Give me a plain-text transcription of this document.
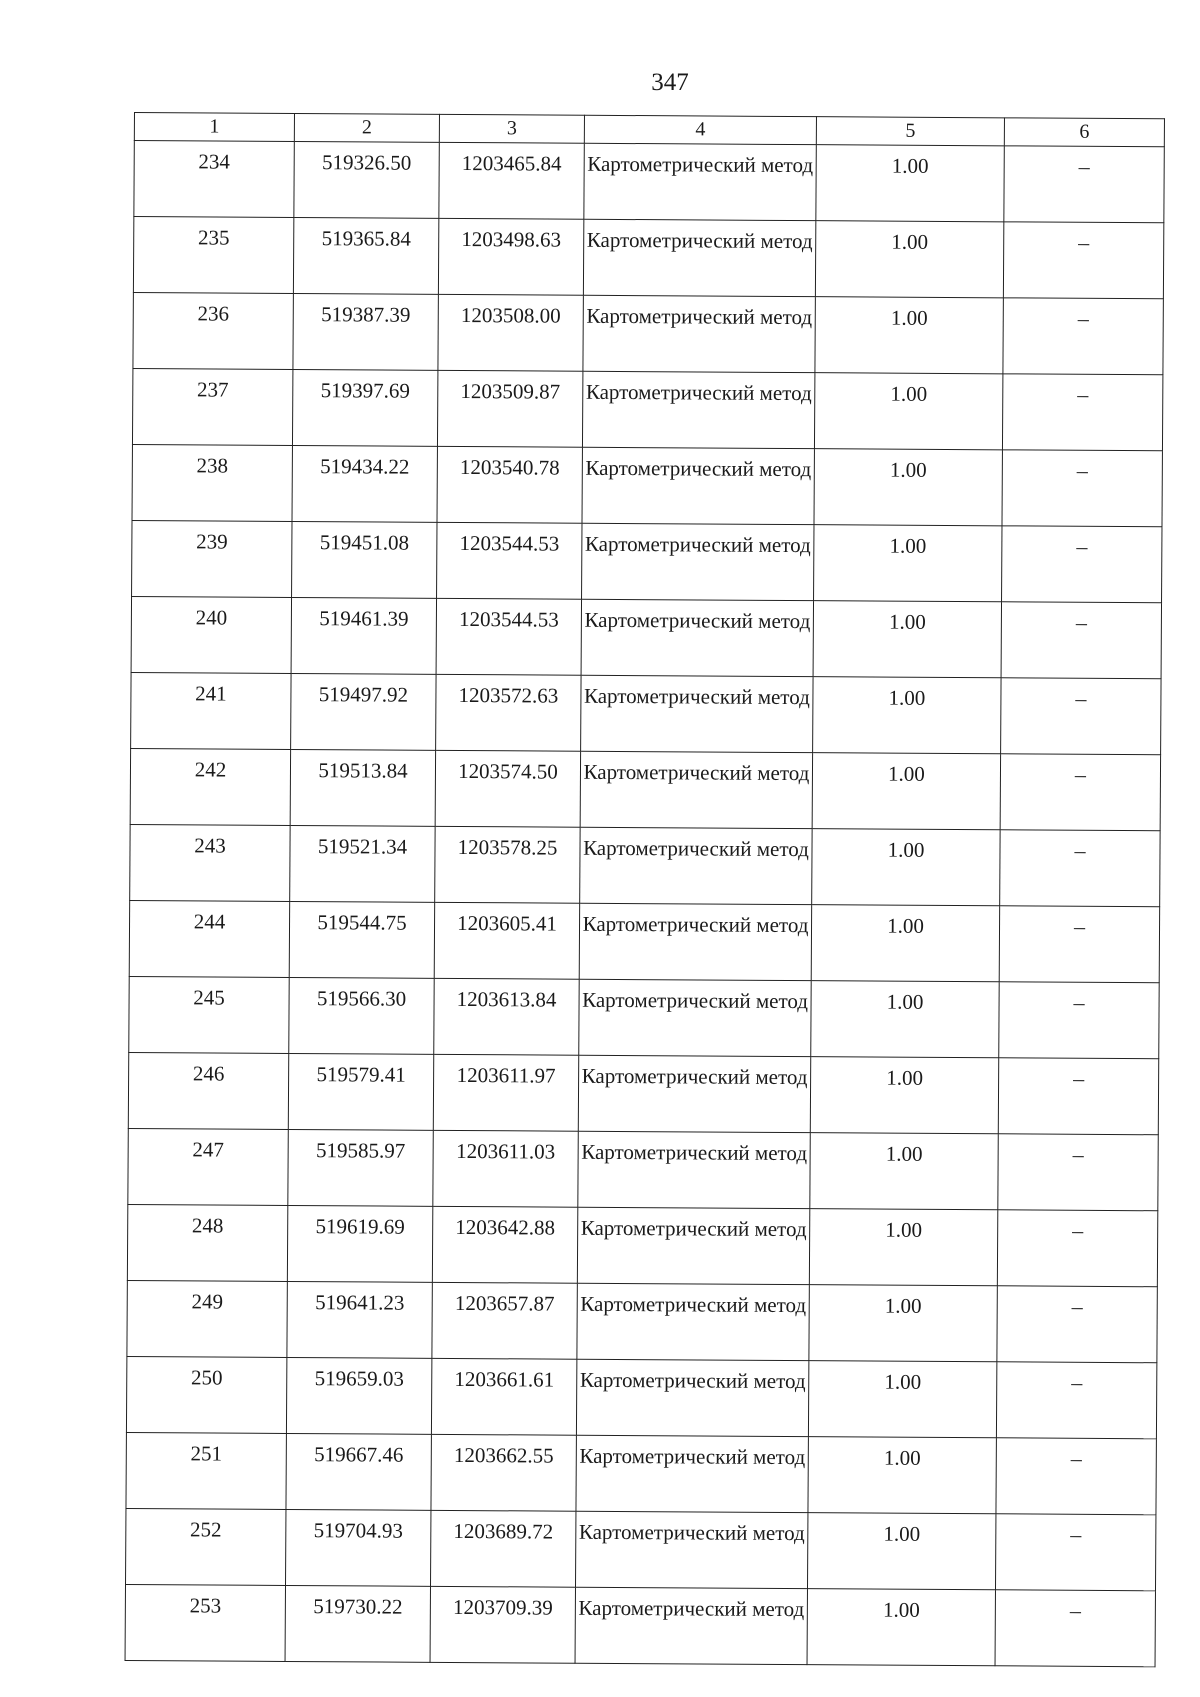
347
1	2	3	4	5	6
234	519326.50	1203465.84	Картометрический метод	1.00	–
235	519365.84	1203498.63	Картометрический метод	1.00	–
236	519387.39	1203508.00	Картометрический метод	1.00	–
237	519397.69	1203509.87	Картометрический метод	1.00	–
238	519434.22	1203540.78	Картометрический метод	1.00	–
239	519451.08	1203544.53	Картометрический метод	1.00	–
240	519461.39	1203544.53	Картометрический метод	1.00	–
241	519497.92	1203572.63	Картометрический метод	1.00	–
242	519513.84	1203574.50	Картометрический метод	1.00	–
243	519521.34	1203578.25	Картометрический метод	1.00	–
244	519544.75	1203605.41	Картометрический метод	1.00	–
245	519566.30	1203613.84	Картометрический метод	1.00	–
246	519579.41	1203611.97	Картометрический метод	1.00	–
247	519585.97	1203611.03	Картометрический метод	1.00	–
248	519619.69	1203642.88	Картометрический метод	1.00	–
249	519641.23	1203657.87	Картометрический метод	1.00	–
250	519659.03	1203661.61	Картометрический метод	1.00	–
251	519667.46	1203662.55	Картометрический метод	1.00	–
252	519704.93	1203689.72	Картометрический метод	1.00	–
253	519730.22	1203709.39	Картометрический метод	1.00	–
